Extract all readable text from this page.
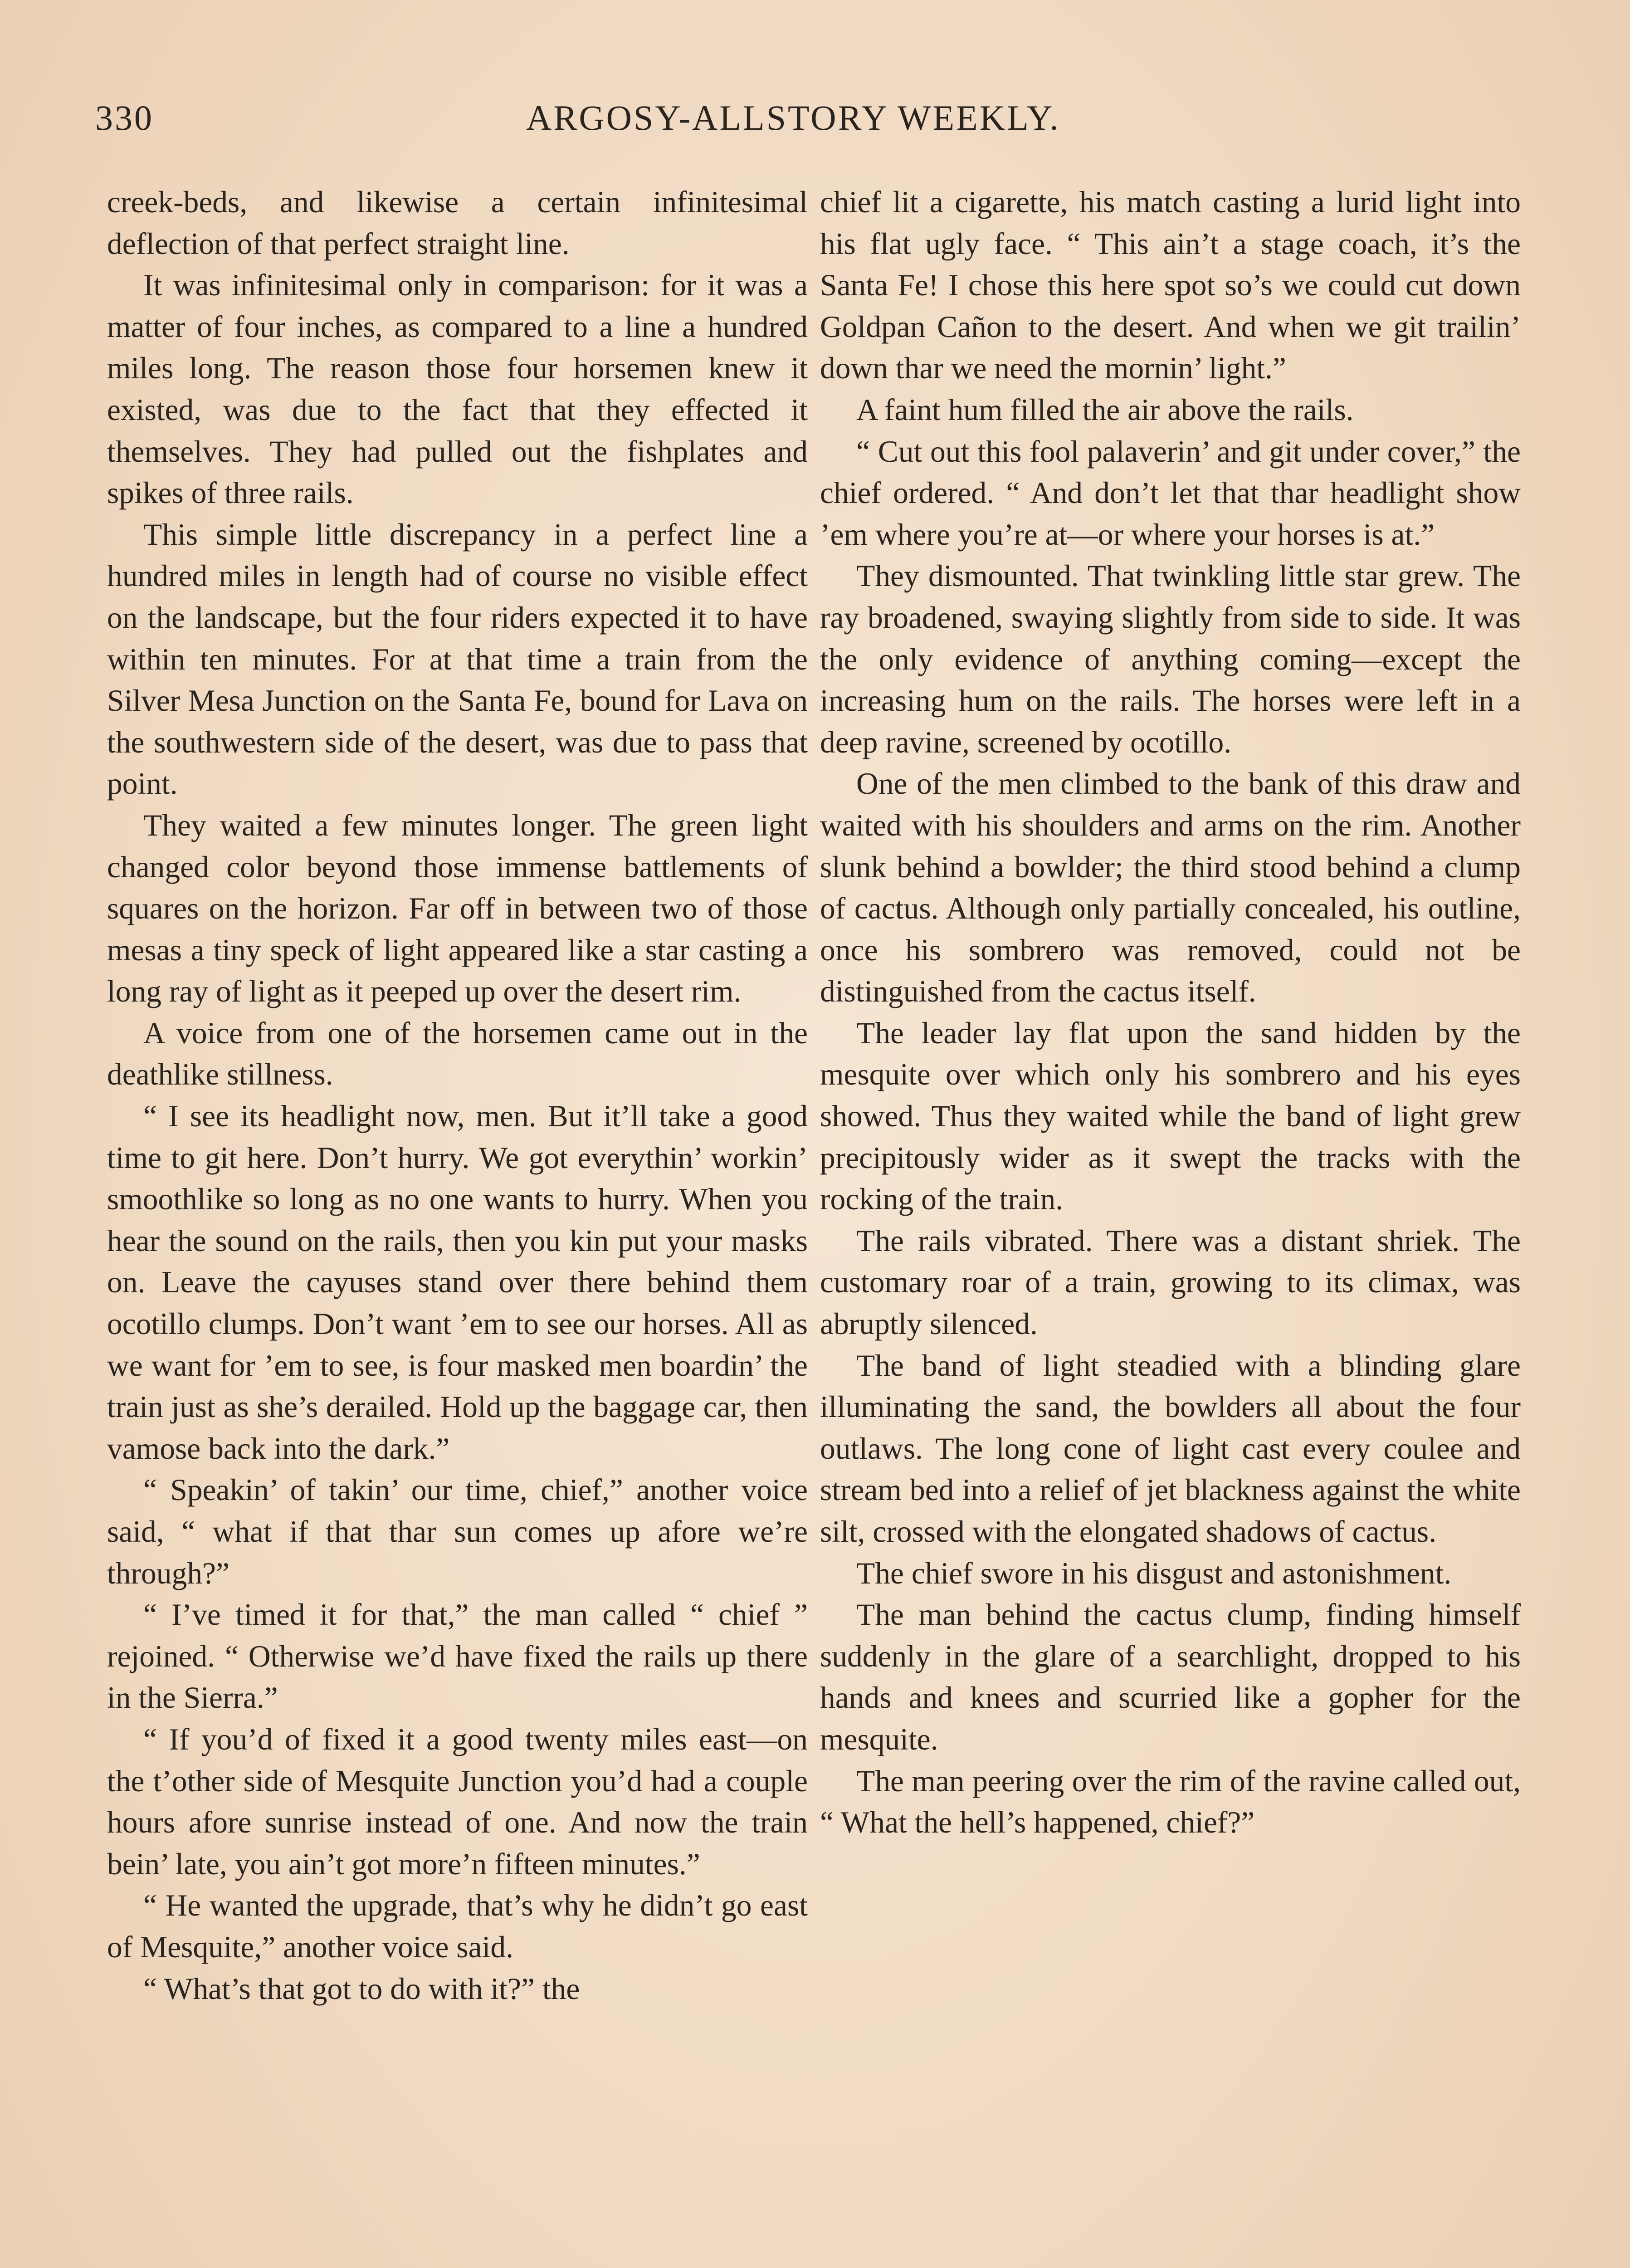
330	ARGOSY-ALLSTORY WEEKLY.

creek-beds, and likewise a certain infinitesimal deflection of that perfect straight line.

It was infinitesimal only in comparison: for it was a matter of four inches, as compared to a line a hundred miles long. The reason those four horsemen knew it existed, was due to the fact that they effected it themselves. They had pulled out the fishplates and spikes of three rails.

This simple little discrepancy in a perfect line a hundred miles in length had of course no visible effect on the landscape, but the four riders expected it to have within ten minutes. For at that time a train from the Silver Mesa Junction on the Santa Fe, bound for Lava on the southwestern side of the desert, was due to pass that point.

They waited a few minutes longer. The green light changed color beyond those immense battlements of squares on the horizon. Far off in between two of those mesas a tiny speck of light appeared like a star casting a long ray of light as it peeped up over the desert rim.

A voice from one of the horsemen came out in the deathlike stillness.

“ I see its headlight now, men. But it’ll take a good time to git here. Don’t hurry. We got everythin’ workin’ smoothlike so long as no one wants to hurry. When you hear the sound on the rails, then you kin put your masks on. Leave the cayuses stand over there behind them ocotillo clumps. Don’t want ’em to see our horses. All as we want for ’em to see, is four masked men boardin’ the train just as she’s derailed. Hold up the baggage car, then vamose back into the dark.”

“ Speakin’ of takin’ our time, chief,” another voice said, “ what if that thar sun comes up afore we’re through?”

“ I’ve timed it for that,” the man called “ chief ” rejoined. “ Otherwise we’d have fixed the rails up there in the Sierra.”

“ If you’d of fixed it a good twenty miles east—on the t’other side of Mesquite Junction you’d had a couple hours afore sunrise instead of one. And now the train bein’ late, you ain’t got more’n fifteen minutes.”

“ He wanted the upgrade, that’s why he didn’t go east of Mesquite,” another voice said.

“ What’s that got to do with it?” the

chief lit a cigarette, his match casting a lurid light into his flat ugly face. “ This ain’t a stage coach, it’s the Santa Fe! I chose this here spot so’s we could cut down Goldpan Cañon to the desert. And when we git trailin’ down thar we need the mornin’ light.”

A faint hum filled the air above the rails.

“ Cut out this fool palaverin’ and git under cover,” the chief ordered. “ And don’t let that thar headlight show ’em where you’re at—or where your horses is at.”

They dismounted. That twinkling little star grew. The ray broadened, swaying slightly from side to side. It was the only evidence of anything coming—except the increasing hum on the rails. The horses were left in a deep ravine, screened by ocotillo.

One of the men climbed to the bank of this draw and waited with his shoulders and arms on the rim. Another slunk behind a bowlder; the third stood behind a clump of cactus. Although only partially concealed, his outline, once his sombrero was removed, could not be distinguished from the cactus itself.

The leader lay flat upon the sand hidden by the mesquite over which only his sombrero and his eyes showed. Thus they waited while the band of light grew precipitously wider as it swept the tracks with the rocking of the train.

The rails vibrated. There was a distant shriek. The customary roar of a train, growing to its climax, was abruptly silenced.

The band of light steadied with a blinding glare illuminating the sand, the bowlders all about the four outlaws. The long cone of light cast every coulee and stream bed into a relief of jet blackness against the white silt, crossed with the elongated shadows of cactus.

The chief swore in his disgust and astonishment.

The man behind the cactus clump, finding himself suddenly in the glare of a searchlight, dropped to his hands and knees and scurried like a gopher for the mesquite.

The man peering over the rim of the ravine called out, “ What the hell’s happened, chief?”
